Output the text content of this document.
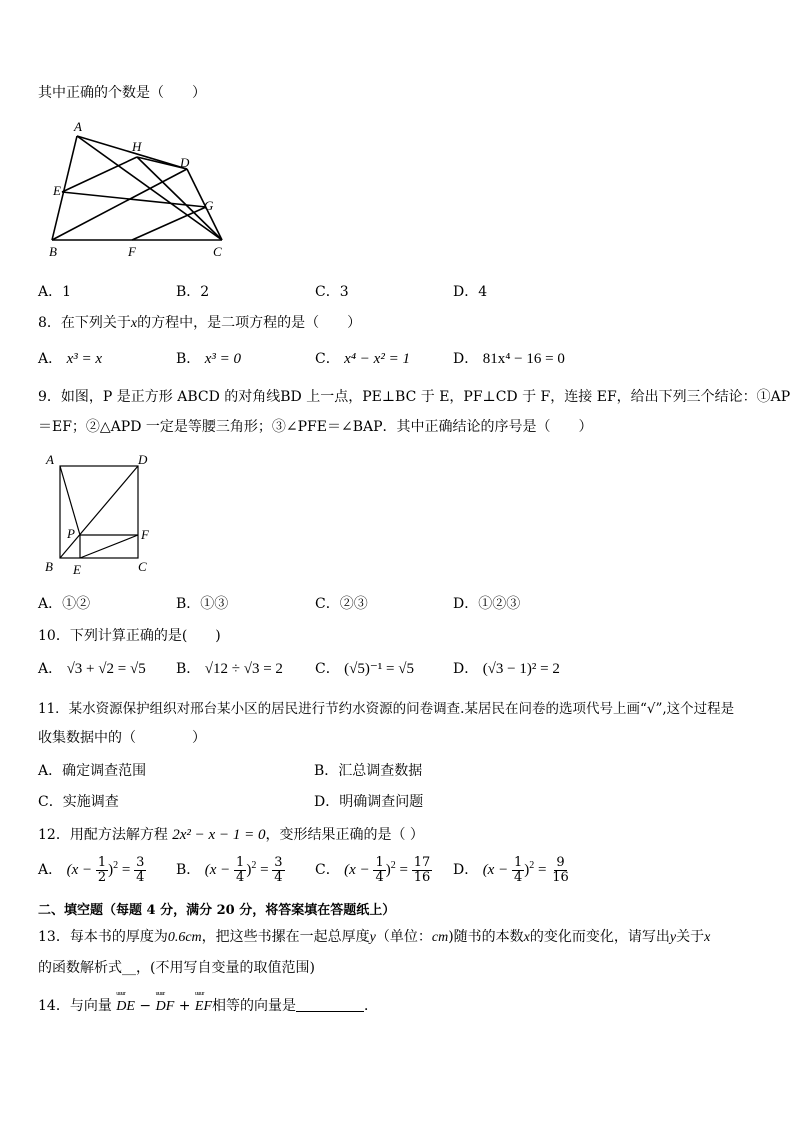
其中正确的个数是（　　）
A
H
D
E
G
B	F	C
A．1	B．2	C．3	D．4
8．在下列关于x的方程中，是二项方程的是（　　）
A． x³ = x	B． x³ = 0	C． x⁴ − x² = 1	D． 81x⁴ − 16 = 0
9．如图，P 是正方形 ABCD 的对角线BD 上一点，PE⊥BC 于 E，PF⊥CD 于 F，连接 EF，给出下列三个结论：①AP
＝EF；②△APD 一定是等腰三角形；③∠PFE＝∠BAP．其中正确结论的序号是（　　）
A	D
P	F
B E	C
A．①②	B．①③	C．②③	D．①②③
10．下列计算正确的是(　　)
A． √3 + √2 = √5 B． √12 ÷ √3 = 2 C． (√5)⁻¹ = √5	D． (√3 − 1)² = 2
11．某水资源保护组织对邢台某小区的居民进行节约水资源的问卷调查.某居民在问卷的选项代号上画“√”,这个过程是
收集数据中的（　　　　）
A．确定调查范围	B．汇总调查数据
C．实施调查	D．明确调查问题
12．用配方法解方程 2x² − x − 1 = 0，变形结果正确的是（ ）
A． $(x - \frac{1}{2} )^2 = \frac{3}{4}$ B． $(x - \frac{1}{4} )^2 = \frac{3}{4}$ C． $(x - \frac{1}{4} )^2 = \frac{17}{16}$ D． $(x - \frac{1}{4} )^2 = \frac{9}{16}$
二、填空题（每题 4 分，满分 20 分，将答案填在答题纸上）
13．每本书的厚度为0.6cm，把这些书摞在一起总厚度y（单位：cm)随书的本数x的变化而变化，请写出y关于x
的函数解析式__，(不用写自变量的取值范围)
14．与向量 uuur DE − uuur DF + uuur EF相等的向量是	．
